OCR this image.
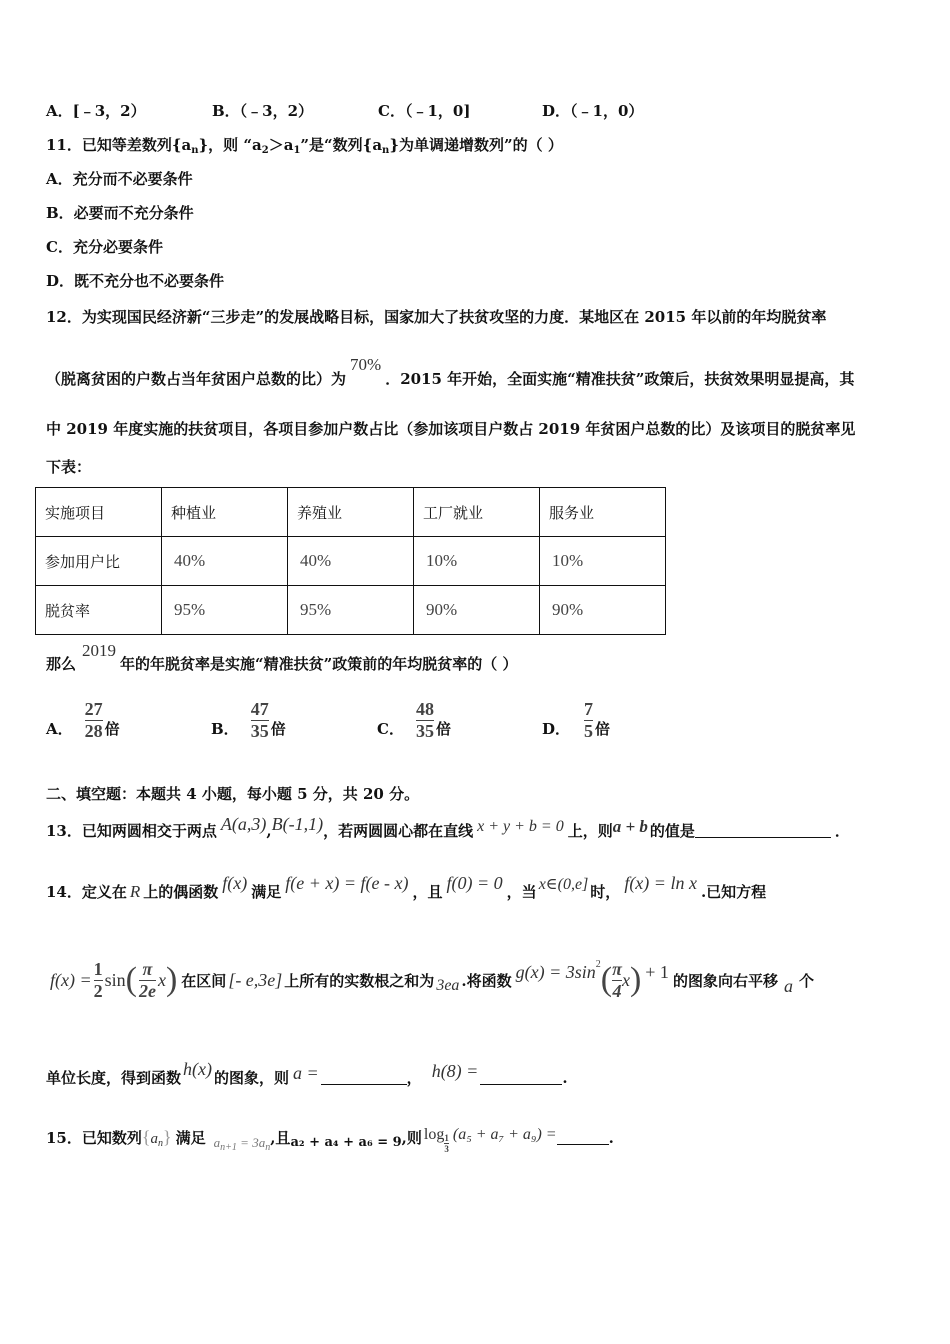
A．[﹣3，2）	B．（﹣3，2）	C．（﹣1，0]	D．（﹣1，0）
11．已知等差数列$\{a_n\}$，则 “$a_2>a_1$”是“数列$\{a_n\}$为单调递增数列”的（ ）
A．充分而不必要条件
B．必要而不充分条件
C．充分必要条件
D．既不充分也不必要条件
12．为实现国民经济新“三步走”的发展战略目标，国家加大了扶贫攻坚的力度．某地区在 2015 年以前的年均脱贫率
（脱离贫困的户数占当年贫困户总数的比）为70%．2015 年开始，全面实施“精准扶贫”政策后，扶贫效果明显提高，其
中 2019 年度实施的扶贫项目，各项目参加户数占比（参加该项目户数占 2019 年贫困户总数的比）及该项目的脱贫率见
下表：
实施项目	种植业	养殖业	工厂就业	服务业
参加用户比	40%	40%	10%	10%
脱贫率	95%	95%	90%	90%
那么2019年的年脱贫率是实施“精准扶贫”政策前的年均脱贫率的（ ）
A． $\frac{27}{28}$ 倍	B． $\frac{47}{35}$ 倍	C． $\frac{48}{35}$ 倍	D． $\frac{7}{5}$ 倍
二、填空题：本题共 4 小题，每小题 5 分，共 20 分。
13．已知两圆相交于两点 A(a,3),B(-1,1)，若两圆圆心都在直线 x + y + b = 0 上，则a + b 的值是	．
14．定义在 R 上的偶函数 f(x) 满足 f(e + x) = f(e - x) ，且 f(0) = 0 ，当 x∈(0,e] 时， f(x) = ln x .已知方程
$f(x) = \frac{1}{2}$ sin ( $\frac{\pi}{2e}$ x ) 在区间 [- e,3e] 上所有的实数根之和为 3ea .将函数 g(x) = 3sin 2 ( $\frac{\pi}{4}$ x ) + 1 的图象向右平移 a 个
单位长度，得到函数 h(x) 的图象，则 a =	， h(8) =	.
15．已知数列$\{a_n\}$ 满足 $a_{n+1} = 3a_n$,且a₂ + a₄ + a₆ = 9,则 $\log \frac{1}{3} (a_5 + a_7 + a_9)$ =	.
